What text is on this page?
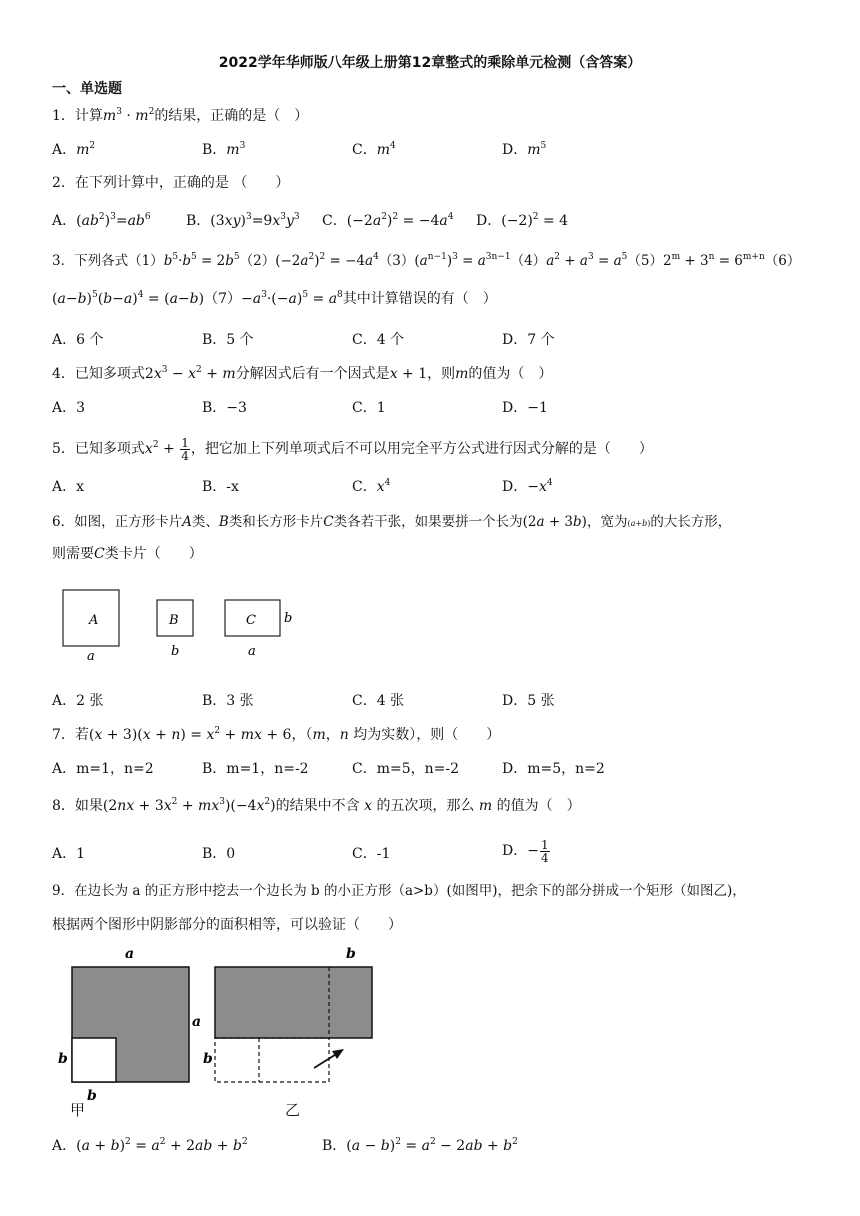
2022学年华师版八年级上册第12章整式的乘除单元检测（含答案）
一、单选题
1．计算$m^3 \cdot m^2$的结果，正确的是（　）
A．$m^2$	B．$m^3$	C．$m^4$	D．$m^5$
2．在下列计算中，正确的是 （　　）
A．$(ab^2)^3=ab^6$	B．$(3xy)^3=9x^3y^3$ C．$(-2a^2)^2 = -4a^4$ D．$(-2)^2 = 4$
3．下列各式$(1)b^5\cdot b^5 = 2b^5(2)(-2a^2)^2 = -4a^4(3)(a^{n-1})^3 = a^{3n-1}(4)a^2 + a^3 = a^5(5)2^m + 3^n = 6^{m+n}(6)$
$(a-b)^5(b-a)^4 = (a-b)(7)-a^3\cdot(-a)^5 = a^8$其中计算错误的有（　）
A．6 个	B．5 个	C．4 个	D．7 个
4．已知多项式$2x^3 - x^2 + m$分解因式后有一个因式是x + 1，则m的值为（　）
A．3	B．−3	C．1	D．−1
5．已知多项式$x^2 + \frac{1}{4}$ ，把它加上下列单项式后不可以用完全平方公式进行因式分解的是（　　）
A．x	B．-x	C．$x^4$	D．$-x^4$
6．如图，正方形卡片A类、B类和长方形卡片C类各若干张，如果要拼一个长为(2a + 3b)，宽为(a+b)的大长方形，
则需要C类卡片（　　）
A
a
B
b
C
a
b
A．2 张	B．3 张	C．4 张	D．5 张
7．若$(x + 3)(x + n) = x^2$ + mx + 6，（m，n 均为实数），则（　　）
A．m=1，n=2	B．m=1，n=-2	C．m=5，n=-2	D．m=5，n=2
8．如果$(2nx + 3x^2 + mx^3)(-4x^2)$的结果中不含 x 的五次项，那么 m 的值为（　）
A．1	B．0	C．-1	D．− $\frac{1}{4}$
9．在边长为 a 的正方形中挖去一个边长为 b 的小正方形（a>b）(如图甲)，把余下的部分拼成一个矩形（如图乙)，
根据两个图形中阴影部分的面积相等，可以验证（　　）
a
a
b
b
b
b
甲	乙
A．$(a + b)^2 = a^2 + 2ab + b^2$	B．$(a - b)^2 = a^2 - 2ab + b^2$
